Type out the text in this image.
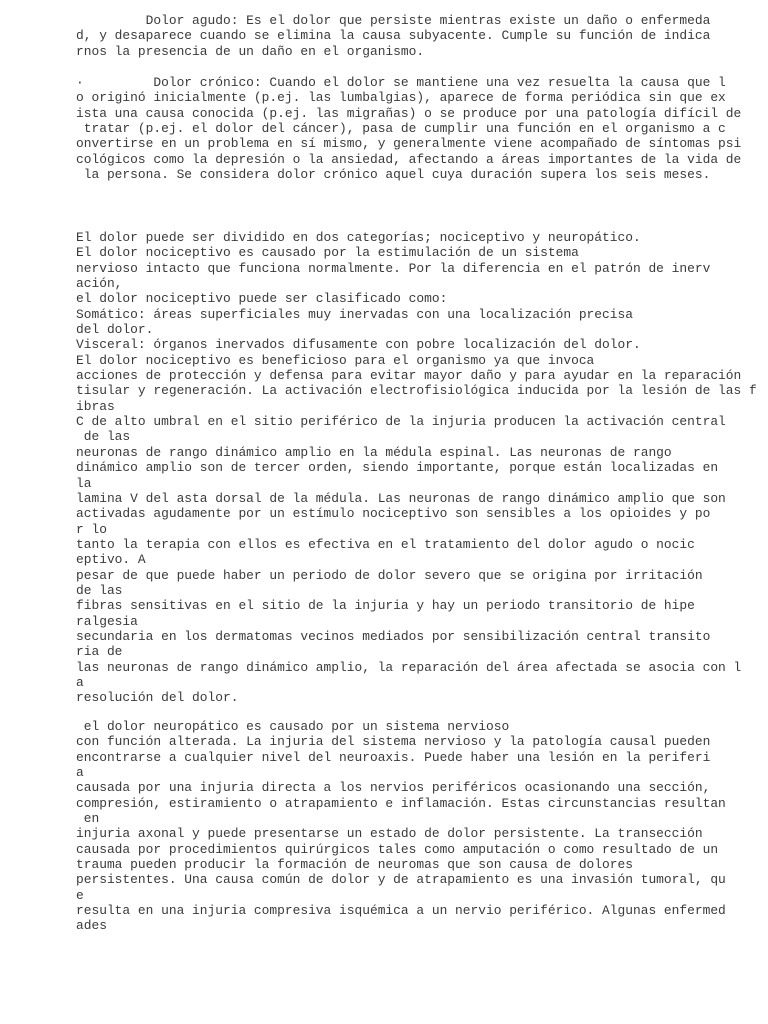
Dolor agudo: Es el dolor que persiste mientras existe un daño o enfermeda
d, y desaparece cuando se elimina la causa subyacente. Cumple su función de indica
rnos la presencia de un daño en el organismo.
·         Dolor crónico: Cuando el dolor se mantiene una vez resuelta la causa que l
o originó inicialmente (p.ej. las lumbalgias), aparece de forma periódica sin que ex
ista una causa conocida (p.ej. las migrañas) o se produce por una patología difícil de
tratar (p.ej. el dolor del cáncer), pasa de cumplir una función en el organismo a c
onvertirse en un problema en sí mismo, y generalmente viene acompañado de síntomas psi
cológicos como la depresión o la ansiedad, afectando a áreas importantes de la vida de
la persona. Se considera dolor crónico aquel cuya duración supera los seis meses.
El dolor puede ser dividido en dos categorías; nociceptivo y neuropático.
El dolor nociceptivo es causado por la estimulación de un sistema
nervioso intacto que funciona normalmente. Por la diferencia en el patrón de inerv
ación,
el dolor nociceptivo puede ser clasificado como:
Somático: áreas superficiales muy inervadas con una localización precisa
del dolor.
Visceral: órganos inervados difusamente con pobre localización del dolor.
El dolor nociceptivo es beneficioso para el organismo ya que invoca
acciones de protección y defensa para evitar mayor daño y para ayudar en la reparación
tisular y regeneración. La activación electrofisiológica inducida por la lesión de las f
ibras
C de alto umbral en el sitio periférico de la injuria producen la activación central
de las
neuronas de rango dinámico amplio en la médula espinal. Las neuronas de rango
dinámico amplio son de tercer orden, siendo importante, porque están localizadas en
la
lamina V del asta dorsal de la médula. Las neuronas de rango dinámico amplio que son
activadas agudamente por un estímulo nociceptivo son sensibles a los opioides y po
r lo
tanto la terapia con ellos es efectiva en el tratamiento del dolor agudo o nocic
eptivo. A
pesar de que puede haber un periodo de dolor severo que se origina por irritación
de las
fibras sensitivas en el sitio de la injuria y hay un periodo transitorio de hipe
ralgesia
secundaria en los dermatomas vecinos mediados por sensibilización central transito
ria de
las neuronas de rango dinámico amplio, la reparación del área afectada se asocia con l
a
resolución del dolor.
el dolor neuropático es causado por un sistema nervioso
con función alterada. La injuria del sistema nervioso y la patología causal pueden
encontrarse a cualquier nivel del neuroaxis. Puede haber una lesión en la periferi
a
causada por una injuria directa a los nervios periféricos ocasionando una sección,
compresión, estiramiento o atrapamiento e inflamación. Estas circunstancias resultan
en
injuria axonal y puede presentarse un estado de dolor persistente. La transección
causada por procedimientos quirúrgicos tales como amputación o como resultado de un
trauma pueden producir la formación de neuromas que son causa de dolores
persistentes. Una causa común de dolor y de atrapamiento es una invasión tumoral, qu
e
resulta en una injuria compresiva isquémica a un nervio periférico. Algunas enfermed
ades
